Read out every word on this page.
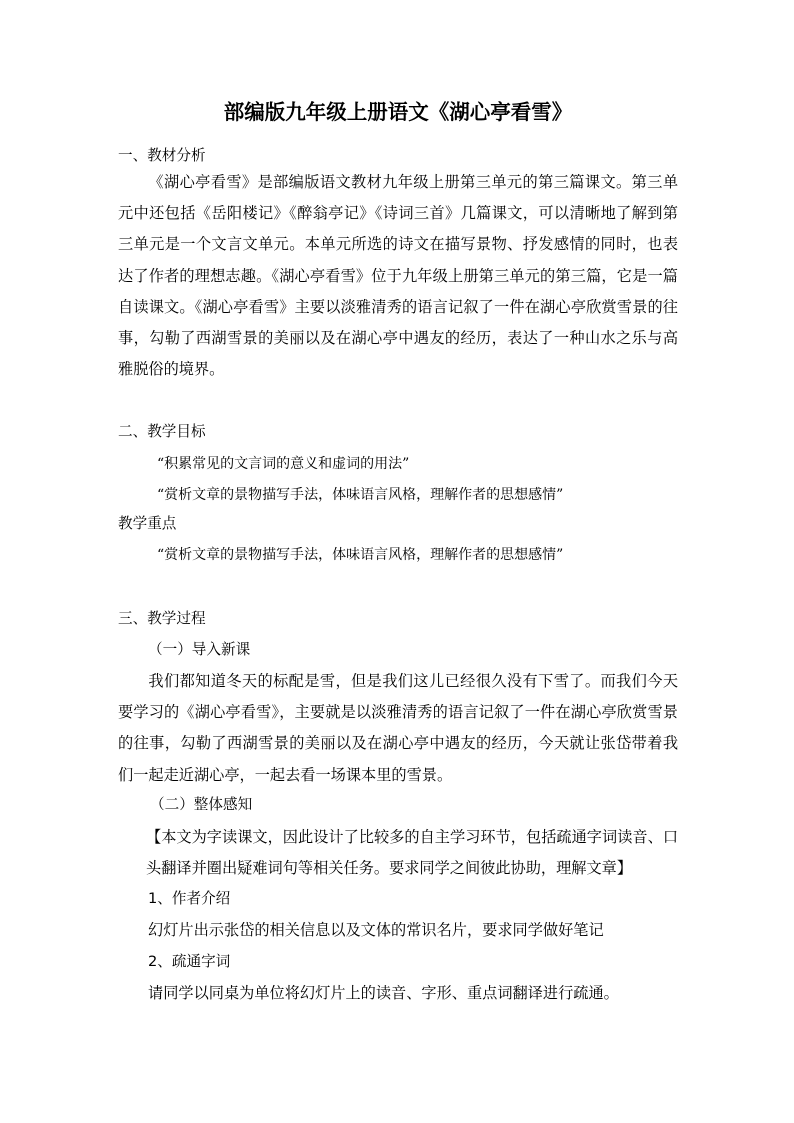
部编版九年级上册语文《湖心亭看雪》
一、教材分析

《湖心亭看雪》是部编版语文教材九年级上册第三单元的第三篇课文。第三单元中还包括《岳阳楼记》《醉翁亭记》《诗词三首》几篇课文，可以清晰地了解到第三单元是一个文言文单元。本单元所选的诗文在描写景物、抒发感情的同时，也表达了作者的理想志趣。《湖心亭看雪》位于九年级上册第三单元的第三篇，它是一篇自读课文。《湖心亭看雪》主要以淡雅清秀的语言记叙了一件在湖心亭欣赏雪景的往事，勾勒了西湖雪景的美丽以及在湖心亭中遇友的经历，表达了一种山水之乐与高雅脱俗的境界。

二、教学目标
“积累常见的文言词的意义和虚词的用法”
“赏析文章的景物描写手法，体味语言风格，理解作者的思想感情”
教学重点
“赏析文章的景物描写手法，体味语言风格，理解作者的思想感情”
三、教学过程
（一）导入新课

我们都知道冬天的标配是雪，但是我们这儿已经很久没有下雪了。而我们今天要学习的《湖心亭看雪》，主要就是以淡雅清秀的语言记叙了一件在湖心亭欣赏雪景的往事，勾勒了西湖雪景的美丽以及在湖心亭中遇友的经历，今天就让张岱带着我们一起走近湖心亭，一起去看一场课本里的雪景。

（二）整体感知

【本文为字读课文，因此设计了比较多的自主学习环节，包括疏通字词读音、口头翻译并圈出疑难词句等相关任务。要求同学之间彼此协助，理解文章】

1、作者介绍
幻灯片出示张岱的相关信息以及文体的常识名片，要求同学做好笔记
2、疏通字词
请同学以同桌为单位将幻灯片上的读音、字形、重点词翻译进行疏通。
